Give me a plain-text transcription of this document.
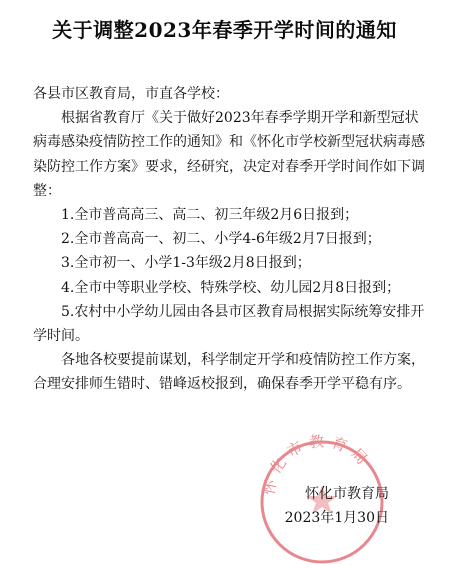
关于调整2023年春季开学时间的通知

各县市区教育局，市直各学校：

根据省教育厅《关于做好2023年春季学期开学和新型冠状病毒感染疫情防控工作的通知》和《怀化市学校新型冠状病毒感染防控工作方案》要求，经研究，决定对春季开学时间作如下调整：

1.全市普高高三、高二、初三年级2月6日报到；

2.全市普高高一、初二、小学4-6年级2月7日报到；

3.全市初一、小学1-3年级2月8日报到；

4.全市中等职业学校、特殊学校、幼儿园2月8日报到；

5.农村中小学幼儿园由各县市区教育局根据实际统筹安排开学时间。

各地各校要提前谋划，科学制定开学和疫情防控工作方案，合理安排师生错时、错峰返校报到，确保春季开学平稳有序。

怀化市教育局
怀化市教育局
2023年1月30日
